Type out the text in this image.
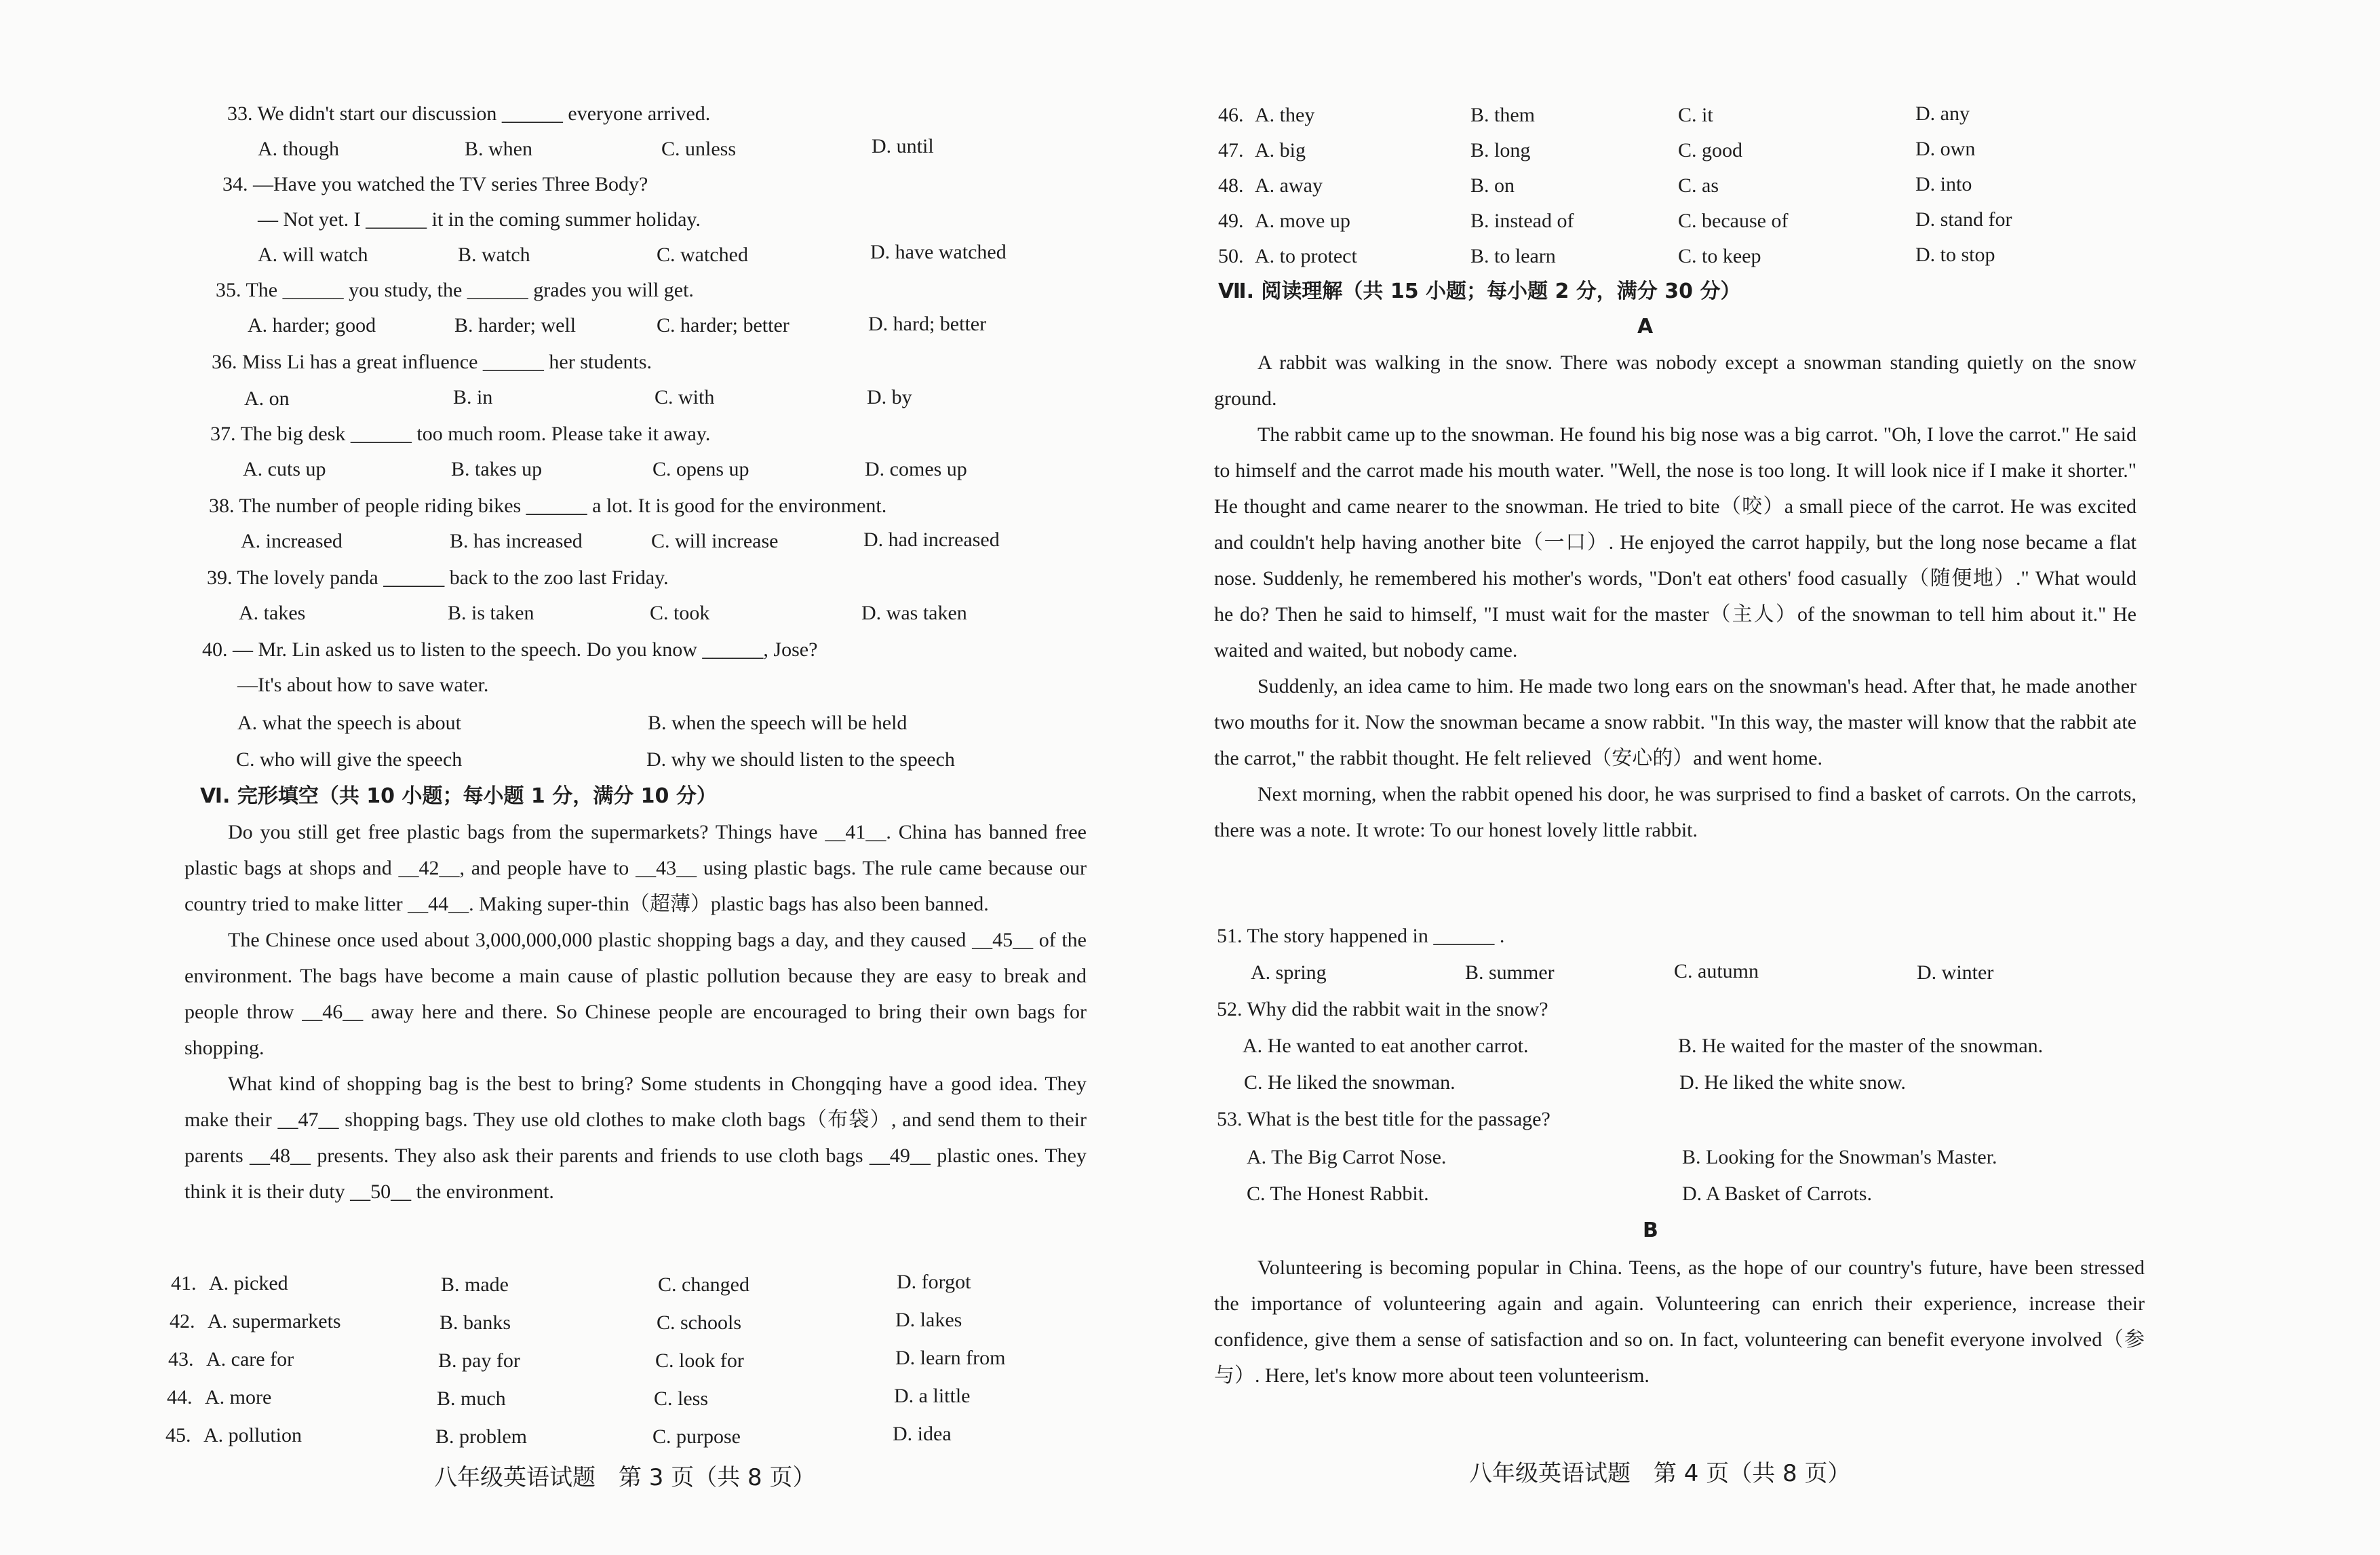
33. We didn't start our discussion ______ everyone arrived.
A. though	B. when	C. unless	D. until
34. —Have you watched the TV series Three Body?
— Not yet. I ______ it in the coming summer holiday.
A. will watch	B. watch	C. watched	D. have watched
35. The ______ you study, the ______ grades you will get.
A. harder; good	B. harder; well	C. harder; better	D. hard; better
36. Miss Li has a great influence ______ her students.
A. on	B. in	C. with	D. by
37. The big desk ______ too much room. Please take it away.
A. cuts up	B. takes up	C. opens up	D. comes up
38. The number of people riding bikes ______ a lot. It is good for the environment.
A. increased	B. has increased	C. will increase	D. had increased
39. The lovely panda ______ back to the zoo last Friday.
A. takes	B. is taken	C. took	D. was taken
40. — Mr. Lin asked us to listen to the speech. Do you know ______, Jose?
—It's about how to save water.
A. what the speech is about	B. when the speech will be held
C. who will give the speech	D. why we should listen to the speech
Ⅵ. 完形填空（共 10 小题；每小题 1 分，满分 10 分）

Do you still get free plastic bags from the supermarkets? Things have __41__. China has banned free plastic bags at shops and __42__, and people have to __43__ using plastic bags. The rule came because our country tried to make litter __44__. Making super-thin（超薄）plastic bags has also been banned.

The Chinese once used about 3,000,000,000 plastic shopping bags a day, and they caused __45__ of the environment. The bags have become a main cause of plastic pollution because they are easy to break and people throw __46__ away here and there. So Chinese people are encouraged to bring their own bags for shopping.

What kind of shopping bag is the best to bring? Some students in Chongqing have a good idea. They make their __47__ shopping bags. They use old clothes to make cloth bags（布袋）, and send them to their parents __48__ presents. They also ask their parents and friends to use cloth bags __49__ plastic ones. They think it is their duty __50__ the environment.

41. A. picked	B. made	C. changed	D. forgot
42. A. supermarkets	B. banks	C. schools	D. lakes
43. A. care for	B. pay for	C. look for	D. learn from
44. A. more	B. much	C. less	D. a little
45. A. pollution	B. problem	C. purpose	D. idea
八年级英语试题　第 3 页（共 8 页）
46. A. they	B. them	C. it	D. any
47. A. big	B. long	C. good	D. own
48. A. away	B. on	C. as	D. into
49. A. move up	B. instead of	C. because of	D. stand for
50. A. to protect	B. to learn	C. to keep	D. to stop
Ⅶ. 阅读理解（共 15 小题；每小题 2 分，满分 30 分）
A

A rabbit was walking in the snow. There was nobody except a snowman standing quietly on the snow ground.

The rabbit came up to the snowman. He found his big nose was a big carrot. "Oh, I love the carrot." He said to himself and the carrot made his mouth water. "Well, the nose is too long. It will look nice if I make it shorter." He thought and came nearer to the snowman. He tried to bite（咬）a small piece of the carrot. He was excited and couldn't help having another bite（一口）. He enjoyed the carrot happily, but the long nose became a flat nose. Suddenly, he remembered his mother's words, "Don't eat others' food casually（随便地）." What would he do? Then he said to himself, "I must wait for the master（主人）of the snowman to tell him about it." He waited and waited, but nobody came.

Suddenly, an idea came to him. He made two long ears on the snowman's head. After that, he made another two mouths for it. Now the snowman became a snow rabbit. "In this way, the master will know that the rabbit ate the carrot," the rabbit thought. He felt relieved（安心的）and went home.

Next morning, when the rabbit opened his door, he was surprised to find a basket of carrots. On the carrots, there was a note. It wrote: To our honest lovely little rabbit.

51. The story happened in ______ .
A. spring	B. summer	C. autumn	D. winter
52. Why did the rabbit wait in the snow?
A. He wanted to eat another carrot.	B. He waited for the master of the snowman.
C. He liked the snowman.	D. He liked the white snow.
53. What is the best title for the passage?
A. The Big Carrot Nose.	B. Looking for the Snowman's Master.
C. The Honest Rabbit.	D. A Basket of Carrots.
B

Volunteering is becoming popular in China. Teens, as the hope of our country's future, have been stressed the importance of volunteering again and again. Volunteering can enrich their experience, increase their confidence, give them a sense of satisfaction and so on. In fact, volunteering can benefit everyone involved（参与）. Here, let's know more about teen volunteerism.

八年级英语试题　第 4 页（共 8 页）
